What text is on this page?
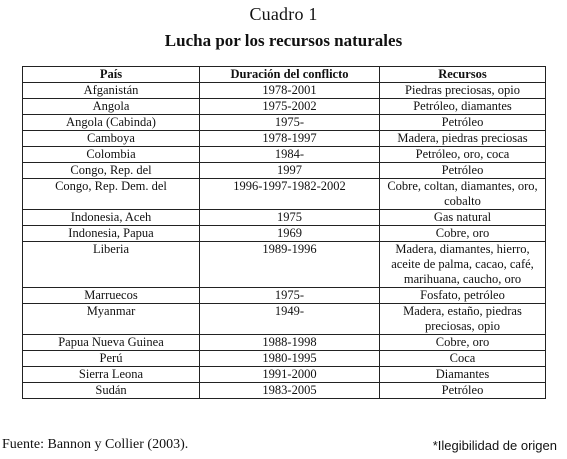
Cuadro 1
Lucha por los recursos naturales
País	Duración del conflicto	Recursos
Afganistán	1978-2001	Piedras preciosas, opio
Angola	1975-2002	Petróleo, diamantes
Angola (Cabinda)	1975-	Petróleo
Camboya	1978-1997	Madera, piedras preciosas
Colombia	1984-	Petróleo, oro, coca
Congo, Rep. del	1997	Petróleo
Congo, Rep. Dem. del	1996-1997-1982-2002	Cobre, coltan, diamantes, oro, cobalto
Indonesia, Aceh	1975	Gas natural
Indonesia, Papua	1969	Cobre, oro
Liberia	1989-1996	Madera, diamantes, hierro, aceite de palma, cacao, café, marihuana, caucho, oro
Marruecos	1975-	Fosfato, petróleo
Myanmar	1949-	Madera, estaño, piedras preciosas, opio
Papua Nueva Guinea	1988-1998	Cobre, oro
Perú	1980-1995	Coca
Sierra Leona	1991-2000	Diamantes
Sudán	1983-2005	Petróleo
Fuente: Bannon y Collier (2003).	*Ilegibilidad de origen
